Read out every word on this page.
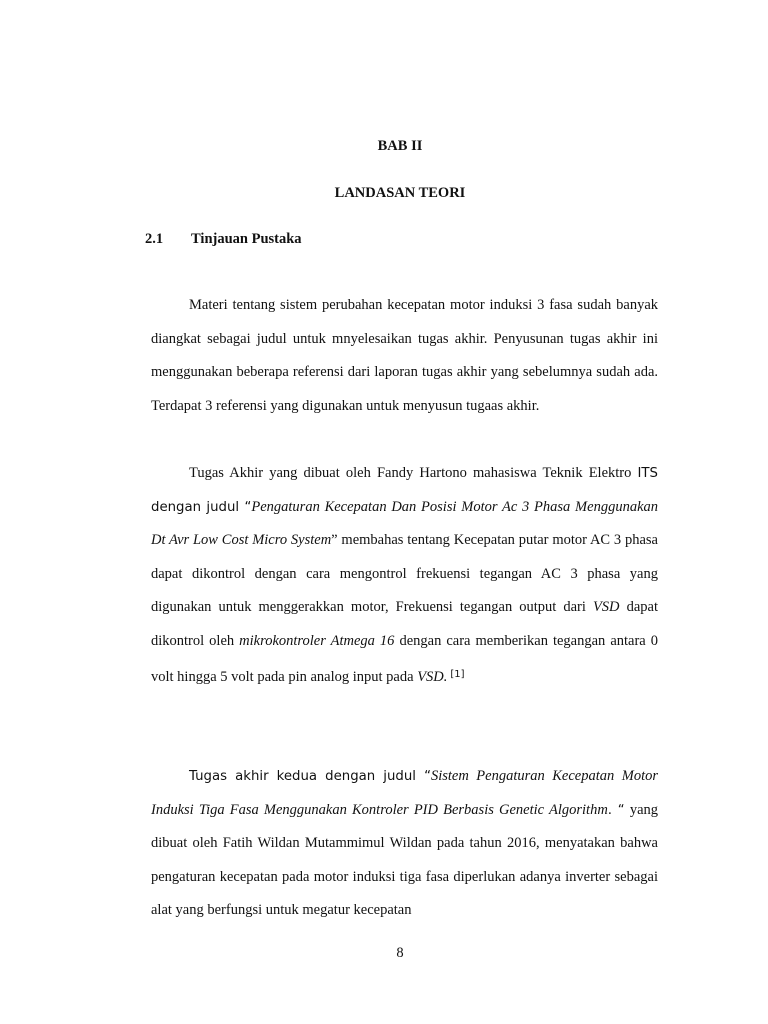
BAB II
LANDASAN TEORI
2.1 Tinjauan Pustaka

Materi tentang sistem perubahan kecepatan motor induksi 3 fasa sudah banyak diangkat sebagai judul untuk mnyelesaikan tugas akhir. Penyusunan tugas akhir ini menggunakan beberapa referensi dari laporan tugas akhir yang sebelumnya sudah ada. Terdapat 3 referensi yang digunakan untuk menyusun tugaas akhir.

Tugas Akhir yang dibuat oleh Fandy Hartono mahasiswa Teknik Elektro ITS dengan judul “Pengaturan Kecepatan Dan Posisi Motor Ac 3 Phasa Menggunakan Dt Avr Low Cost Micro System” membahas tentang Kecepatan putar motor AC 3 phasa dapat dikontrol dengan cara mengontrol frekuensi tegangan AC 3 phasa yang digunakan untuk menggerakkan motor, Frekuensi tegangan output dari VSD dapat dikontrol oleh mikrokontroler Atmega 16 dengan cara memberikan tegangan antara 0 volt hingga 5 volt pada pin analog input pada VSD. [1]

Tugas akhir kedua dengan judul “Sistem Pengaturan Kecepatan Motor Induksi Tiga Fasa Menggunakan Kontroler PID Berbasis Genetic Algorithm. “ yang dibuat oleh Fatih Wildan Mutammimul Wildan pada tahun 2016, menyatakan bahwa pengaturan kecepatan pada motor induksi tiga fasa diperlukan adanya inverter sebagai alat yang berfungsi untuk megatur kecepatan

8
